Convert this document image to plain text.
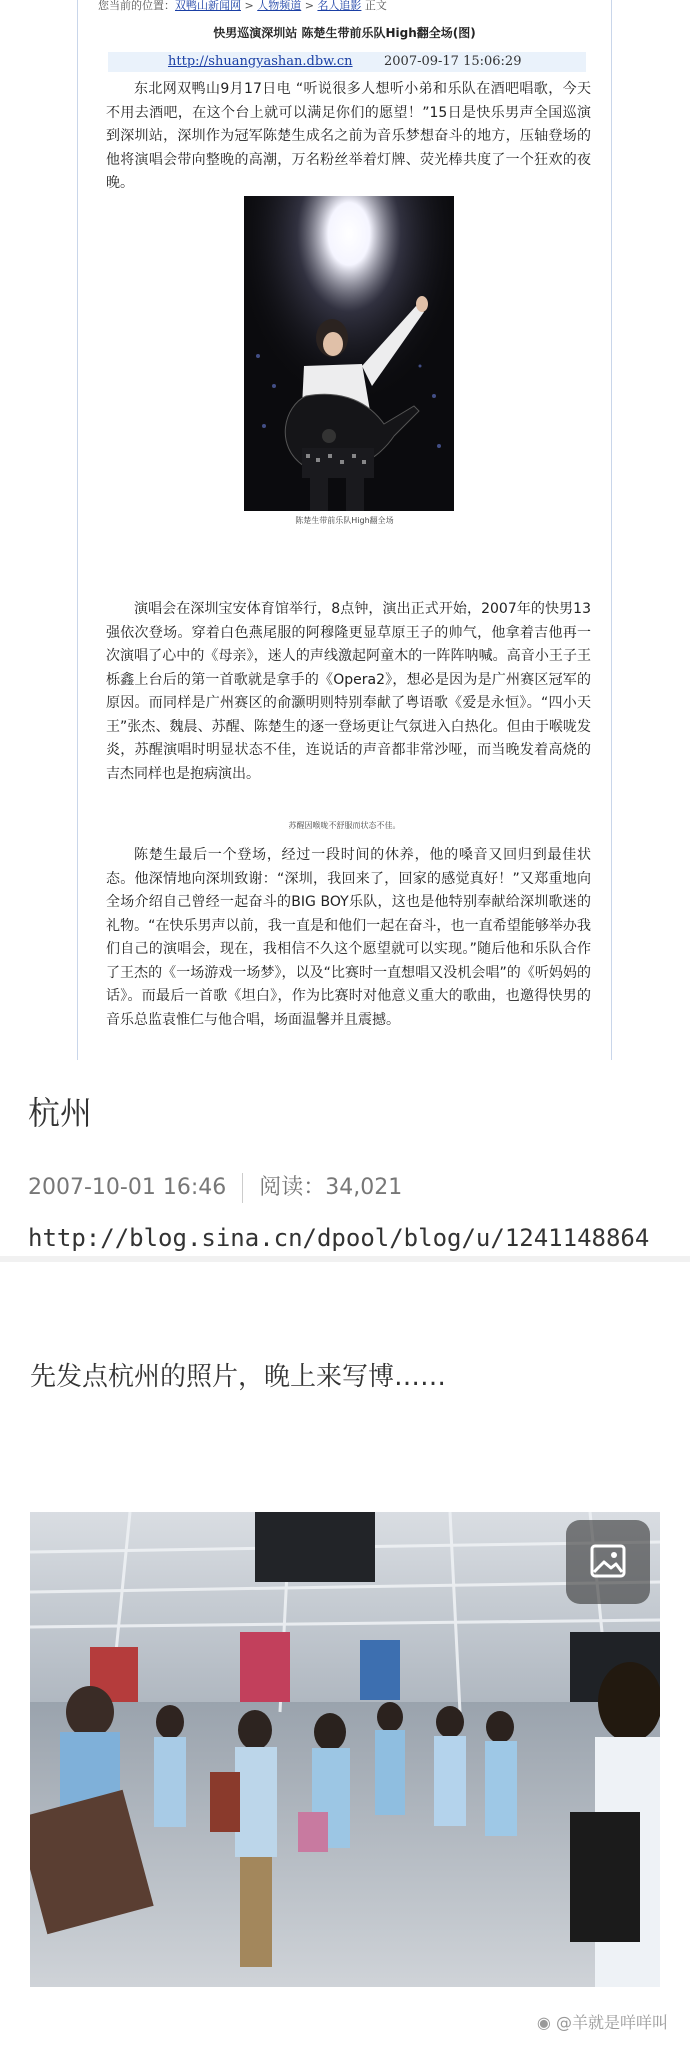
您当前的位置：双鸭山新闻网 > 人物频道 > 名人追影 正文
快男巡演深圳站 陈楚生带前乐队High翻全场(图)
http://shuangyashan.dbw.cn 2007-09-17 15:06:29
东北网双鸭山9月17日电 “听说很多人想听小弟和乐队在酒吧唱歌，今天不用去酒吧，在这个台上就可以满足你们的愿望！”15日是快乐男声全国巡演到深圳站，深圳作为冠军陈楚生成名之前为音乐梦想奋斗的地方，压轴登场的他将演唱会带向整晚的高潮，万名粉丝举着灯牌、荧光棒共度了一个狂欢的夜晚。
陈楚生带前乐队High翻全场
演唱会在深圳宝安体育馆举行，8点钟，演出正式开始，2007年的快男13强依次登场。穿着白色燕尾服的阿穆隆更显草原王子的帅气，他拿着吉他再一次演唱了心中的《母亲》，迷人的声线激起阿童木的一阵阵呐喊。高音小王子王栎鑫上台后的第一首歌就是拿手的《Opera2》，想必是因为是广州赛区冠军的原因。而同样是广州赛区的俞灏明则特别奉献了粤语歌《爱是永恒》。“四小天王”张杰、魏晨、苏醒、陈楚生的逐一登场更让气氛进入白热化。但由于喉咙发炎，苏醒演唱时明显状态不佳，连说话的声音都非常沙哑，而当晚发着高烧的吉杰同样也是抱病演出。
苏醒因喉咙不舒服而状态不佳。
陈楚生最后一个登场，经过一段时间的休养，他的嗓音又回归到最佳状态。他深情地向深圳致谢：“深圳，我回来了，回家的感觉真好！”又郑重地向全场介绍自己曾经一起奋斗的BIG BOY乐队，这也是他特别奉献给深圳歌迷的礼物。“在快乐男声以前，我一直是和他们一起在奋斗，也一直希望能够举办我们自己的演唱会，现在，我相信不久这个愿望就可以实现。”随后他和乐队合作了王杰的《一场游戏一场梦》，以及“比赛时一直想唱又没机会唱”的《听妈妈的话》。而最后一首歌《坦白》，作为比赛时对他意义重大的歌曲，也邀得快男的音乐总监袁惟仁与他合唱，场面温馨并且震撼。
杭州
2007-10-01 16:46 阅读：34,021
http://blog.sina.cn/dpool/blog/u/1241148864
先发点杭州的照片，晚上来写博……
◉ @羊就是咩咩叫
